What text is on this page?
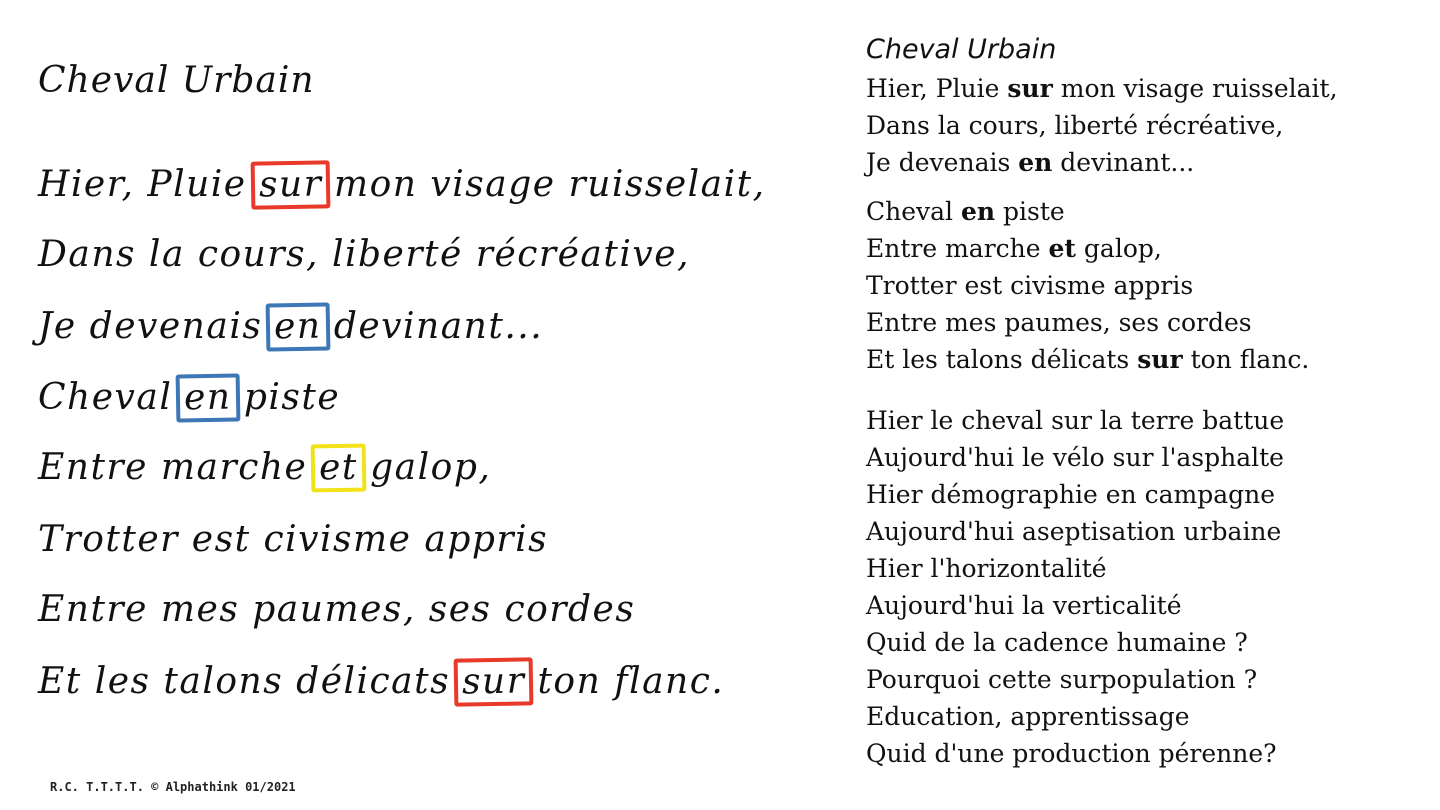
Cheval Urbain
Hier, Pluie sur mon visage ruisselait,
Dans la cours, liberté récréative,
Je devenais en devinant...
Cheval en piste
Entre marche et galop,
Trotter est civisme appris
Entre mes paumes, ses cordes
Et les talons délicats sur ton flanc.
R.C. T.T.T.T. © Alphathink 01/2021
Cheval Urbain
Hier, Pluie sur mon visage ruisselait,
Dans la cours, liberté récréative,
Je devenais en devinant...
Cheval en piste
Entre marche et galop,
Trotter est civisme appris
Entre mes paumes, ses cordes
Et les talons délicats sur ton flanc.
Hier le cheval sur la terre battue
Aujourd'hui le vélo sur l'asphalte
Hier démographie en campagne
Aujourd'hui aseptisation urbaine
Hier l'horizontalité
Aujourd'hui la verticalité
Quid de la cadence humaine ?
Pourquoi cette surpopulation ?
Education, apprentissage
Quid d'une production pérenne?
